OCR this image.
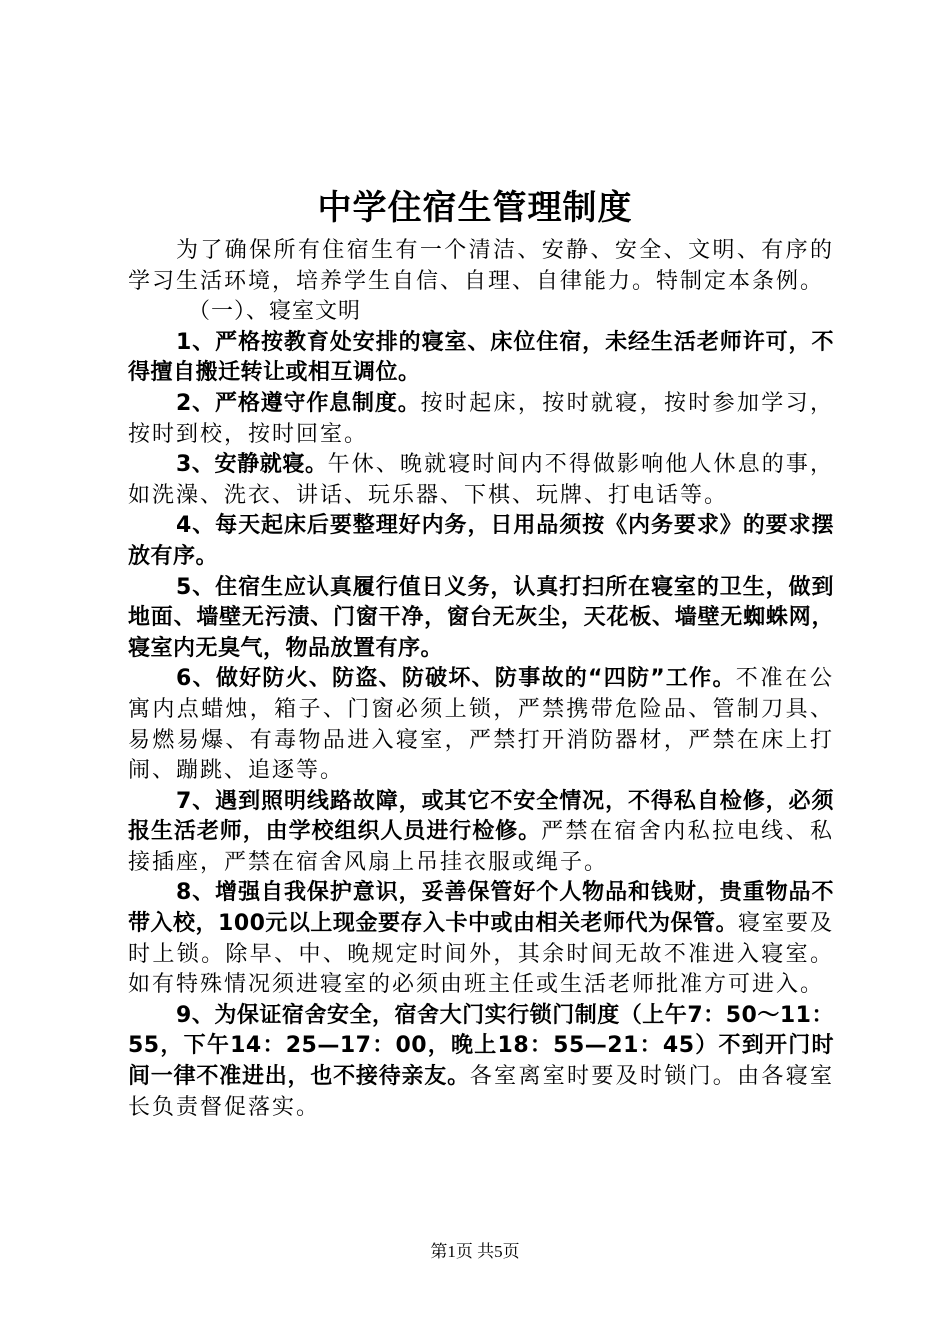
中学住宿生管理制度

为了确保所有住宿生有一个清洁、安静、安全、文明、有序的学习生活环境，培养学生自信、自理、自律能力。特制定本条例。

（一）、寝室文明

1、严格按教育处安排的寝室、床位住宿，未经生活老师许可，不得擅自搬迁转让或相互调位。

2、严格遵守作息制度。按时起床，按时就寝，按时参加学习，按时到校，按时回室。

3、安静就寝。午休、晚就寝时间内不得做影响他人休息的事，如洗澡、洗衣、讲话、玩乐器、下棋、玩牌、打电话等。

4、每天起床后要整理好内务，日用品须按《内务要求》的要求摆放有序。

5、住宿生应认真履行值日义务，认真打扫所在寝室的卫生，做到地面、墙壁无污渍、门窗干净，窗台无灰尘，天花板、墙壁无蜘蛛网，寝室内无臭气，物品放置有序。

6、做好防火、防盗、防破坏、防事故的“四防”工作。不准在公寓内点蜡烛，箱子、门窗必须上锁，严禁携带危险品、管制刀具、易燃易爆、有毒物品进入寝室，严禁打开消防器材，严禁在床上打闹、蹦跳、追逐等。

7、遇到照明线路故障，或其它不安全情况，不得私自检修，必须报生活老师，由学校组织人员进行检修。严禁在宿舍内私拉电线、私接插座，严禁在宿舍风扇上吊挂衣服或绳子。

8、增强自我保护意识，妥善保管好个人物品和钱财，贵重物品不带入校，100元以上现金要存入卡中或由相关老师代为保管。寝室要及时上锁。除早、中、晚规定时间外，其余时间无故不准进入寝室。如有特殊情况须进寝室的必须由班主任或生活老师批准方可进入。

9、为保证宿舍安全，宿舍大门实行锁门制度（上午7：50～11：55，下午14：25—17：00，晚上18：55—21：45）不到开门时间一律不准进出，也不接待亲友。各室离室时要及时锁门。由各寝室长负责督促落实。

第1页 共5页
